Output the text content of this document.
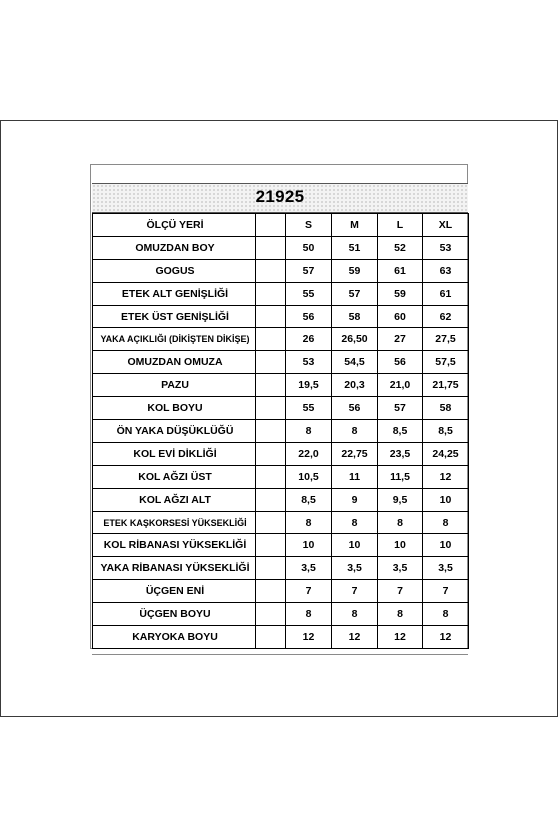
21925
ÖLÇÜ YERİ		S	M	L	XL
OMUZDAN BOY		50	51	52	53
GOGUS		57	59	61	63
ETEK ALT GENİŞLİĞİ		55	57	59	61
ETEK ÜST GENİŞLİĞİ		56	58	60	62
YAKA AÇIKLIĞI (DİKİŞTEN DİKİŞE)		26	26,50	27	27,5
OMUZDAN OMUZA		53	54,5	56	57,5
PAZU		19,5	20,3	21,0	21,75
KOL BOYU		55	56	57	58
ÖN YAKA DÜŞÜKLÜĞÜ		8	8	8,5	8,5
KOL EVİ DİKLİĞİ		22,0	22,75	23,5	24,25
KOL AĞZI ÜST		10,5	11	11,5	12
KOL AĞZI ALT		8,5	9	9,5	10
ETEK KAŞKORSESİ YÜKSEKLİĞİ		8	8	8	8
KOL RİBANASI YÜKSEKLİĞİ		10	10	10	10
YAKA RİBANASI YÜKSEKLİĞİ		3,5	3,5	3,5	3,5
ÜÇGEN ENİ		7	7	7	7
ÜÇGEN BOYU		8	8	8	8
KARYOKA BOYU		12	12	12	12
